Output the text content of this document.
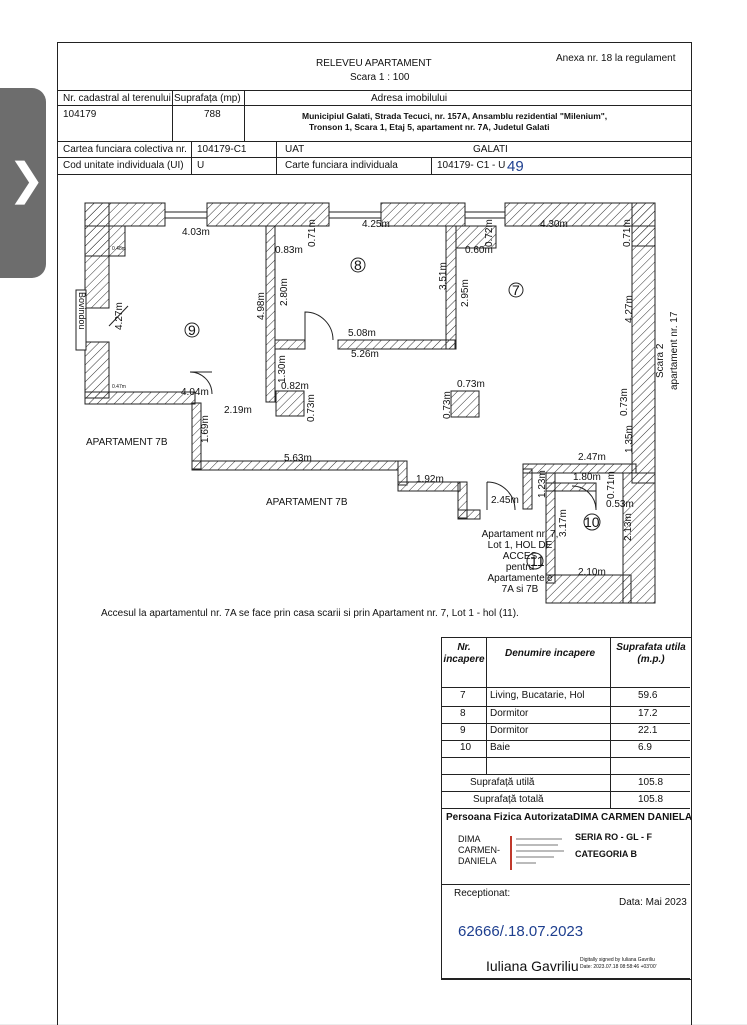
RELEVEU APARTAMENT
Scara 1 : 100
Anexa nr. 18 la regulament
Nr. cadastral al terenului Suprafața (mp)	Adresa imobilului
104179	788	Municipiul Galati, Strada Tecuci, nr. 157A, Ansamblu rezidential "Milenium",
Tronson 1, Scara 1, Etaj 5, apartament nr. 7A, Judetul Galati
Cartea funciara colectiva nr. 104179-C1	UAT	GALATI
Cod unitate individuala (UI) U	Carte funciara individuala	104179- C1 - U 49
9
8
7
10
11
4.03m
4.25m	4.30m
0.83m	0.60m
5.08m
5.26m
0.82m	0.73m
4.04m
2.19m
5.63m
1.92m
2.47m
1.80m
0.53m
2.45m
2.10m
0.48m
0.47m
0.71m	0.72m	0.71m
3.51m
2.95m
2.80m
4.98m
4.27m	4.27m
1.30m
0.73m	0.73m	0.73m
1.69m	1.35m
1.23m	0.71m
3.17m	2.13m
Bovindou
Scara 2 apartament nr. 17
APARTAMENT 7B
APARTAMENT 7B
Apartament nr. 7,
Lot 1, HOL DE
ACCES
pentru
Apartamentele
7A si 7B
Accesul la apartamentul nr. 7A se face prin casa scarii si prin Apartament nr. 7, Lot 1 - hol (11).
Nr. incapere
Denumire incapere
Suprafata utila (m.p.)
7 Living, Bucatarie, Hol	59.6
8 Dormitor	17.2
9 Dormitor	22.1
10 Baie	6.9
Suprafață utilă	105.8
Suprafață totală	105.8
Persoana Fizica Autorizata:
DIMA CARMEN DANIELA
DIMA
CARMEN-
DANIELA
SERIA RO - GL - F
CATEGORIA B
Receptionat:
Data: Mai 2023
62666/.18.07.2023
Iuliana Gavriliu Digitally signed by Iuliana Gavriliu
Date: 2023.07.18 08:58:46 +03'00'
❯
